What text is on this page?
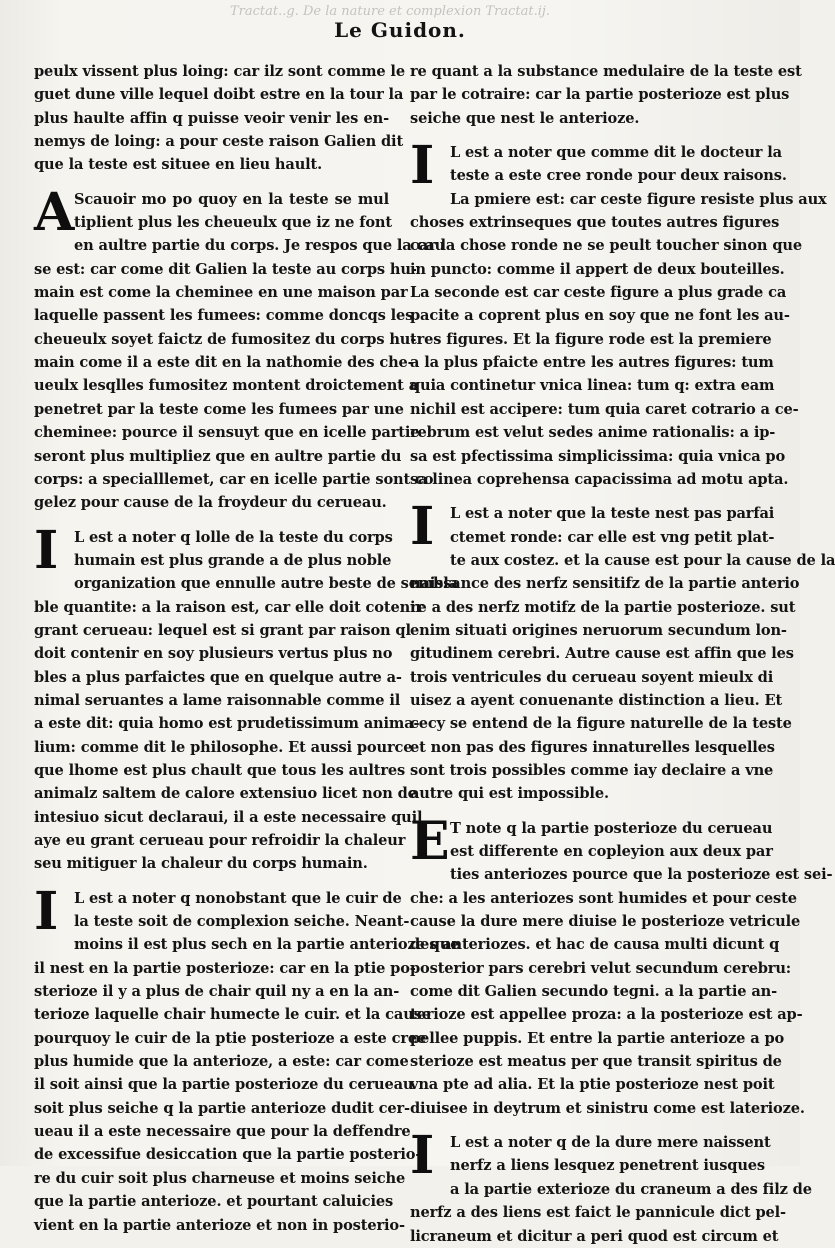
Tractat..g. De la nature et complexion Tractat.ij.
Le Guidon.
peulx vissent plus loing: car ilz sont comme le
guet dune ville lequel doibt estre en la tour la
plus haulte affin q puisse veoir venir les en-
nemys de loing: a pour ceste raison Galien dit
que la teste est situee en lieu hault.
A Scauoir mo po quoy en la teste se mul
tiplient plus les cheueulx que iz ne font
en aultre partie du corps. Je respos que la cau
se est: car come dit Galien la teste au corps hu-
main est come la cheminee en une maison par
laquelle passent les fumees: comme doncqs les
cheueulx soyet faictz de fumositez du corps hu-
main come il a este dit en la nathomie des che-
ueulx lesqlles fumositez montent droictement a
penetret par la teste come les fumees par une
cheminee: pource il sensuyt que en icelle partie
seront plus multipliez que en aultre partie du
corps: a specialllemet, car en icelle partie sont co
gelez pour cause de la froydeur du cerueau.
I	L est a noter q lolle de la teste du corps
humain est plus grande a de plus noble
organization que ennulle autre beste de sembla
ble quantite: a la raison est, car elle doit cotenir
grant cerueau: lequel est si grant par raison ql
doit contenir en soy plusieurs vertus plus no
bles a plus parfaictes que en quelque autre a-
nimal seruantes a lame raisonnable comme il
a este dit: quia homo est prudetissimum anima-
lium: comme dit le philosophe. Et aussi pource
que lhome est plus chault que tous les aultres
animalz saltem de calore extensiuo licet non de
intesiuo sicut declaraui, il a este necessaire quil
aye eu grant cerueau pour refroidir la chaleur
seu mitiguer la chaleur du corps humain.
I	L est a noter q nonobstant que le cuir de
la teste soit de complexion seiche. Neant-
moins il est plus sech en la partie anterioze que
il nest en la partie posterioze: car en la ptie po-
sterioze il y a plus de chair quil ny a en la an-
terioze laquelle chair humecte le cuir. et la cause
pourquoy le cuir de la ptie posterioze a este cree
plus humide que la anterioze, a este: car come
il soit ainsi que la partie posterioze du cerueau
soit plus seiche q la partie anterioze dudit cer-
ueau il a este necessaire que pour la deffendre
de excessifue desiccation que la partie posterio-
re du cuir soit plus charneuse et moins seiche
que la partie anterioze. et pourtant caluicies
vient en la partie anterioze et non in posterio-
re quant a la substance medulaire de la teste est
par le cotraire: car la partie posterioze est plus
seiche que nest le anterioze.
I	L est a noter que comme dit le docteur la
teste a este cree ronde pour deux raisons.
La pmiere est: car ceste figure resiste plus aux
choses extrinseques que toutes autres figures
car la chose ronde ne se peult toucher sinon que
in puncto: comme il appert de deux bouteilles.
La seconde est car ceste figure a plus grade ca
pacite a coprent plus en soy que ne font les au-
tres figures. Et la figure rode est la premiere
a la plus pfaicte entre les autres figures: tum
quia continetur vnica linea: tum q: extra eam
nichil est accipere: tum quia caret cotrario a ce-
rebrum est velut sedes anime rationalis: a ip-
sa est pfectissima simplicissima: quia vnica po
sa linea coprehensa capacissima ad motu apta.
I	L est a noter que la teste nest pas parfai
ctemet ronde: car elle est vng petit plat-
te aux costez. et la cause est pour la cause de la
naissance des nerfz sensitifz de la partie anterio
re a des nerfz motifz de la partie posterioze. sut
enim situati origines neruorum secundum lon-
gitudinem cerebri. Autre cause est affin que les
trois ventricules du cerueau soyent mieulx di
uisez a ayent conuenante distinction a lieu. Et
cecy se entend de la figure naturelle de la teste
et non pas des figures innaturelles lesquelles
sont trois possibles comme iay declaire a vne
autre qui est impossible.
E T note q la partie posterioze du cerueau
est differente en copleyion aux deux par
ties anteriozes pource que la posterioze est sei-
che: a les anteriozes sont humides et pour ceste
cause la dure mere diuise le posterioze vetricule
des anteriozes. et hac de causa multi dicunt q
posterior pars cerebri velut secundum cerebru:
come dit Galien secundo tegni. a la partie an-
terioze est appellee proza: a la posterioze est ap-
pellee puppis. Et entre la partie anterioze a po
sterioze est meatus per que transit spiritus de
vna pte ad alia. Et la ptie posterioze nest poit
diuisee in deytrum et sinistru come est laterioze.
I	L est a noter q de la dure mere naissent
nerfz a liens lesquez penetrent iusques
a la partie exterioze du craneum a des filz de
nerfz a des liens est faict le pannicule dict pel-
licraneum et dicitur a peri quod est circum et
